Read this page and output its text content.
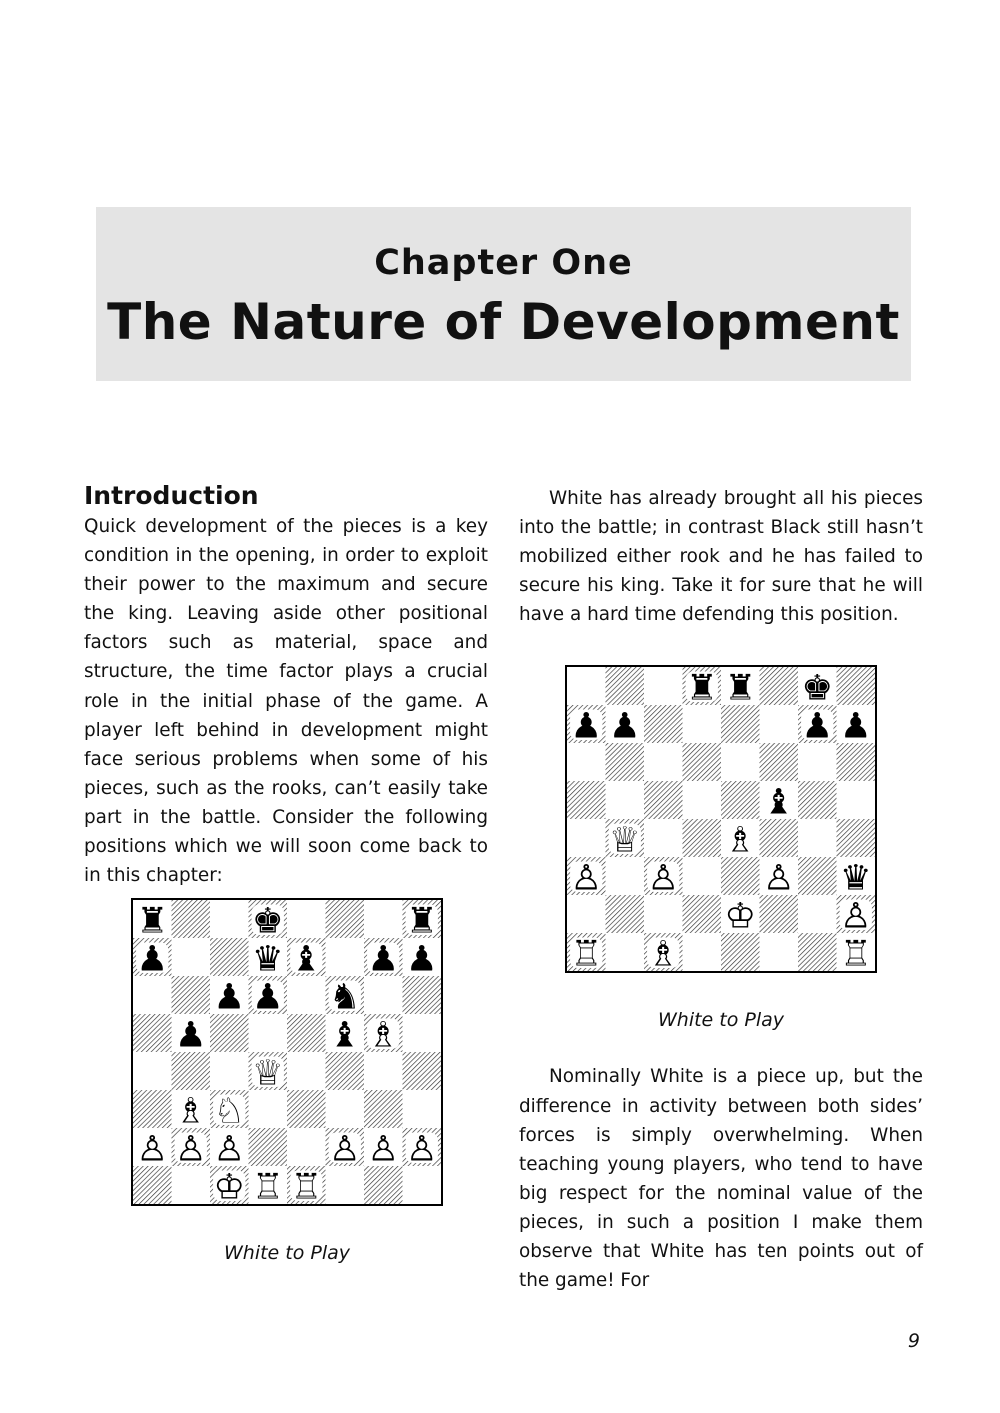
Chapter One
The Nature of Development
Introduction

Quick development of the pieces is a key condition in the opening, in order to exploit their power to the maximum and secure the king. Leaving aside other positional factors such as material, space and structure, the time factor plays a crucial role in the initial phase of the game. A player left behind in development might face serious problems when some of his pieces, such as the rooks, can’t easily take part in the battle. Consider the following positions which we will soon come back to in this chapter:

White has already brought all his pieces into the battle; in contrast Black still hasn’t mobilized either rook and he has failed to secure his king. Take it for sure that he will have a hard time defending this position.

Nominally White is a piece up, but the difference in activity between both sides’ forces is simply overwhelming. When teaching young players, who tend to have big respect for the nominal value of the pieces, in such a position I make them observe that White has ten points out of the game! For

White to Play
White to Play
9
